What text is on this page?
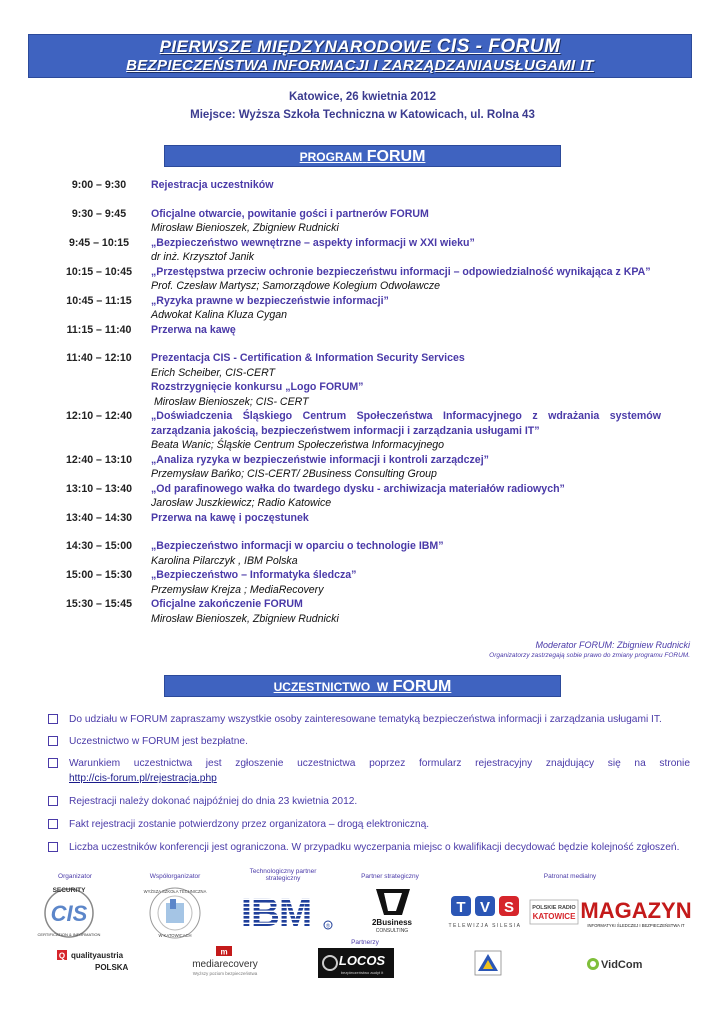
PIERWSZE MIĘDZYNARODOWE CIS - FORUM
BEZPIECZEŃSTWA INFORMACJI I ZARZĄDZANIAUSŁUGAMI IT
Katowice, 26 kwietnia 2012
Miejsce: Wyższa Szkoła Techniczna w Katowicach, ul. Rolna 43
PROGRAM FORUM
9:00 – 9:30	Rejestracja uczestników
9:30 – 9:45	Oficjalne otwarcie, powitanie gości i partnerów FORUM
Mirosław Bienioszek, Zbigniew Rudnicki
9:45 – 10:15	„Bezpieczeństwo wewnętrzne – aspekty informacji w XXI wieku”
dr inż. Krzysztof Janik
10:15 – 10:45	„Przestępstwa przeciw ochronie bezpieczeństwu informacji – odpowiedzialność wynikająca z KPA”
Prof. Czesław Martysz; Samorządowe Kolegium Odwoławcze
10:45 – 11:15	„Ryzyka prawne w bezpieczeństwie informacji”
Adwokat Kalina Kluza Cygan
11:15 – 11:40	Przerwa na kawę
11:40 – 12:10	Prezentacja CIS - Certification & Information Security Services
Erich Scheiber, CIS-CERT
Rozstrzygnięcie konkursu „Logo FORUM”
Mirosław Bienioszek; CIS- CERT
12:10 – 12:40	„Doświadczenia Śląskiego Centrum Społeczeństwa Informacyjnego z wdrażania systemów
zarządzania jakością, bezpieczeństwem informacji i zarządzania usługami IT”
Beata Wanic; Śląskie Centrum Społeczeństwa Informacyjnego
12:40 – 13:10	„Analiza ryzyka w bezpieczeństwie informacji i kontroli zarządczej”
Przemysław Bańko; CIS-CERT/ 2Business Consulting Group
13:10 – 13:40	„Od parafinowego wałka do twardego dysku - archiwizacja materiałów radiowych”
Jarosław Juszkiewicz; Radio Katowice
13:40 – 14:30	Przerwa na kawę i poczęstunek
14:30 – 15:00	„Bezpieczeństwo informacji w oparciu o technologie IBM”
Karolina Pilarczyk , IBM Polska
15:00 – 15:30	„Bezpieczeństwo – Informatyka śledcza”
Przemysław Krejza ; MediaRecovery
15:30 – 15:45	Oficjalne zakończenie FORUM
Mirosław Bienioszek, Zbigniew Rudnicki
Moderator FORUM: Zbigniew Rudnicki
Organizatorzy zastrzegają sobie prawo do zmiany programu FORUM.
UCZESTNICTWO  W FORUM
Do udziału w FORUM zapraszamy wszystkie osoby zainteresowane tematyką bezpieczeństwa informacji i zarządzania usługami IT.
Uczestnictwo w FORUM jest bezpłatne.
Warunkiem uczestnictwa jest zgłoszenie uczestnictwa poprzez formularz rejestracyjny znajdujący się na stronie
http://cis-forum.pl/rejestracja.php
Rejestracji należy dokonać najpóźniej do dnia 23 kwietnia 2012.
Fakt rejestracji zostanie potwierdzony przez organizatora – drogą elektroniczną.
Liczba uczestników konferencji jest ograniczona. W przypadku wyczerpania miejsc o kwalifikacji decydować będzie kolejność zgłoszeń.
Organizator	Współorganizator
Technologiczny partner strategiczny	Partner strategiczny	Patronat medialny
Partnerzy
SECURITY
CIS
CERTIFICATION & INFORMATION
WYŻSZA SZKOŁA TECHNICZNA
W KATOWICACH
IBM	®	2Business
CONSULTING
T V S
TELEWIZJA SILESIA
POLSKIE RADIO
KATOWICE MAGAZYN
INFORMATYKI ŚLEDCZEJ I BEZPIECZEŃSTWA IT
Q qualityaustria
POLSKA
m
mediarecovery
Wyższy poziom bezpieczeństwa
LOCOS
bezpieczeństwo audyt it
VidCom
